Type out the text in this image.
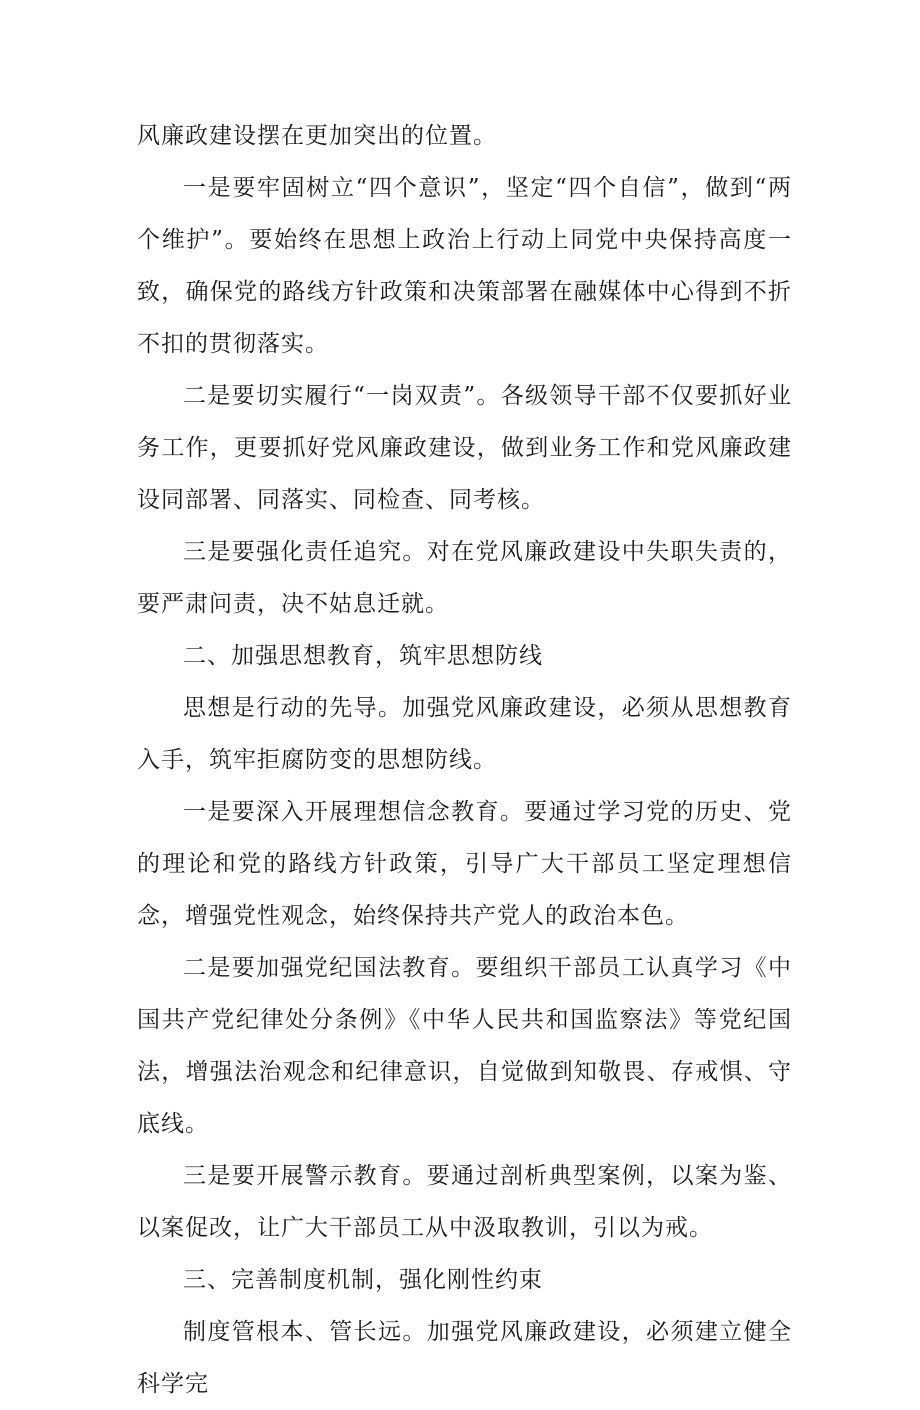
风廉政建设摆在更加突出的位置。

一是要牢固树立“四个意识”，坚定“四个自信”，做到“两个维护”。要始终在思想上政治上行动上同党中央保持高度一致，确保党的路线方针政策和决策部署在融媒体中心得到不折不扣的贯彻落实。

二是要切实履行“一岗双责”。各级领导干部不仅要抓好业务工作，更要抓好党风廉政建设，做到业务工作和党风廉政建设同部署、同落实、同检查、同考核。

三是要强化责任追究。对在党风廉政建设中失职失责的，要严肃问责，决不姑息迁就。

二、加强思想教育，筑牢思想防线

思想是行动的先导。加强党风廉政建设，必须从思想教育入手，筑牢拒腐防变的思想防线。

一是要深入开展理想信念教育。要通过学习党的历史、党的理论和党的路线方针政策，引导广大干部员工坚定理想信念，增强党性观念，始终保持共产党人的政治本色。

二是要加强党纪国法教育。要组织干部员工认真学习《中国共产党纪律处分条例》《中华人民共和国监察法》等党纪国法，增强法治观念和纪律意识，自觉做到知敬畏、存戒惧、守底线。

三是要开展警示教育。要通过剖析典型案例，以案为鉴、以案促改，让广大干部员工从中汲取教训，引以为戒。

三、完善制度机制，强化刚性约束

制度管根本、管长远。加强党风廉政建设，必须建立健全科学完
